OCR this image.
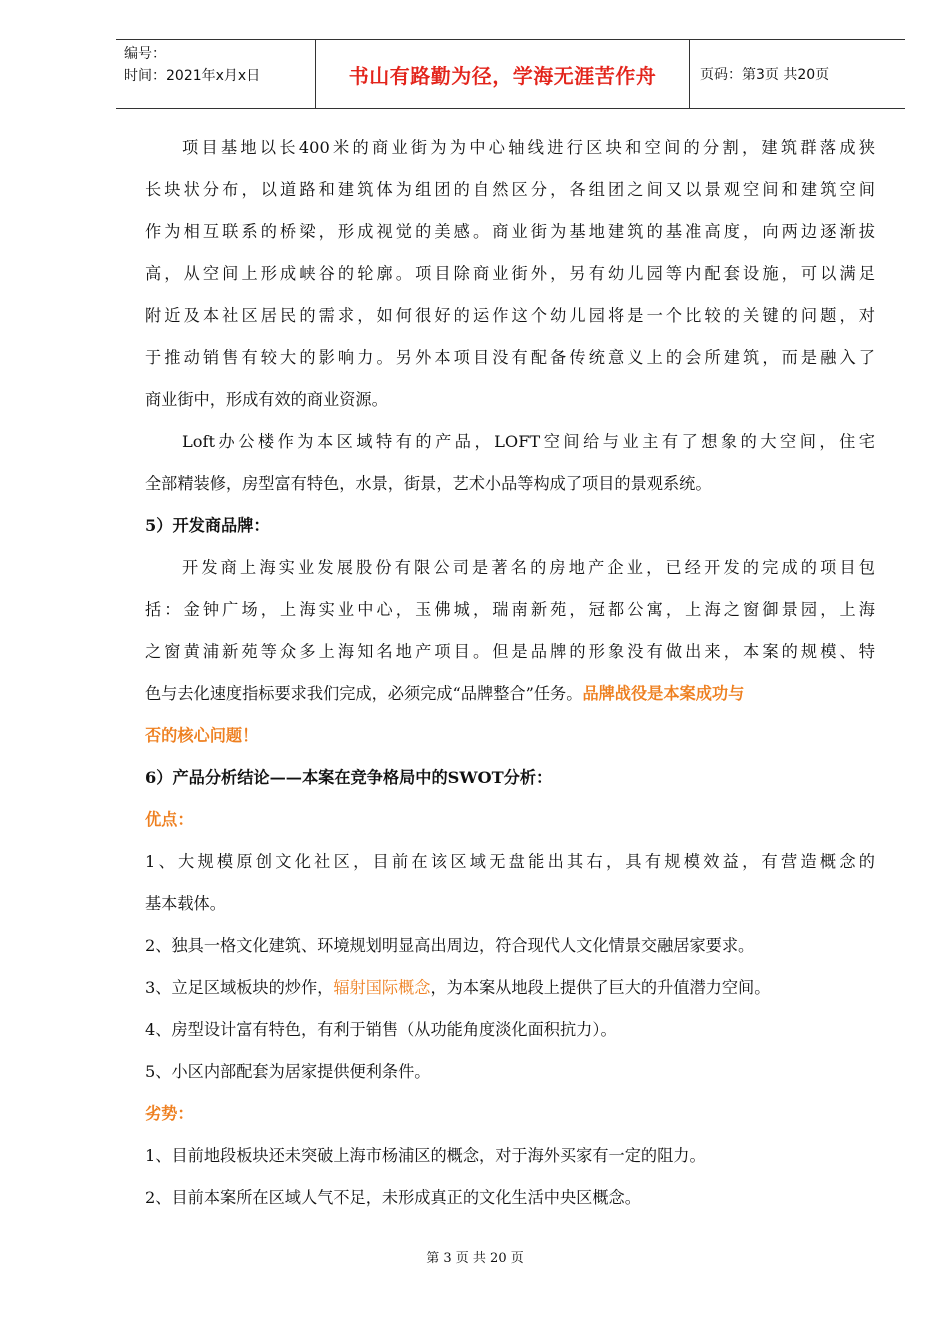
编号：
时间：2021年x月x日	书山有路勤为径，学海无涯苦作舟	页码：第3页 共20页
项目基地以长400米的商业街为为中心轴线进行区块和空间的分割，建筑群落成狭
长块状分布，以道路和建筑体为组团的自然区分，各组团之间又以景观空间和建筑空间
作为相互联系的桥梁，形成视觉的美感。商业街为基地建筑的基准高度，向两边逐渐拔
高，从空间上形成峡谷的轮廓。项目除商业街外，另有幼儿园等内配套设施，可以满足
附近及本社区居民的需求，如何很好的运作这个幼儿园将是一个比较的关键的问题，对
于推动销售有较大的影响力。另外本项目没有配备传统意义上的会所建筑，而是融入了
商业街中，形成有效的商业资源。
Loft办公楼作为本区域特有的产品，LOFT空间给与业主有了想象的大空间，住宅
全部精装修，房型富有特色，水景，街景，艺术小品等构成了项目的景观系统。
5）开发商品牌：
开发商上海实业发展股份有限公司是著名的房地产企业，已经开发的完成的项目包
括：金钟广场，上海实业中心，玉佛城，瑞南新苑，冠都公寓，上海之窗御景园，上海
之窗黄浦新苑等众多上海知名地产项目。但是品牌的形象没有做出来，本案的规模、特
色与去化速度指标要求我们完成，必须完成“品牌整合”任务。品牌战役是本案成功与
否的核心问题！
6）产品分析结论——本案在竞争格局中的SWOT分析：
优点：
1、大规模原创文化社区，目前在该区域无盘能出其右，具有规模效益，有营造概念的
基本载体。
2、独具一格文化建筑、环境规划明显高出周边，符合现代人文化情景交融居家要求。
3、立足区域板块的炒作，辐射国际概念，为本案从地段上提供了巨大的升值潜力空间。
4、房型设计富有特色，有利于销售（从功能角度淡化面积抗力）。
5、小区内部配套为居家提供便利条件。
劣势：
1、目前地段板块还未突破上海市杨浦区的概念，对于海外买家有一定的阻力。
2、目前本案所在区域人气不足，未形成真正的文化生活中央区概念。
第 3 页 共 20 页
